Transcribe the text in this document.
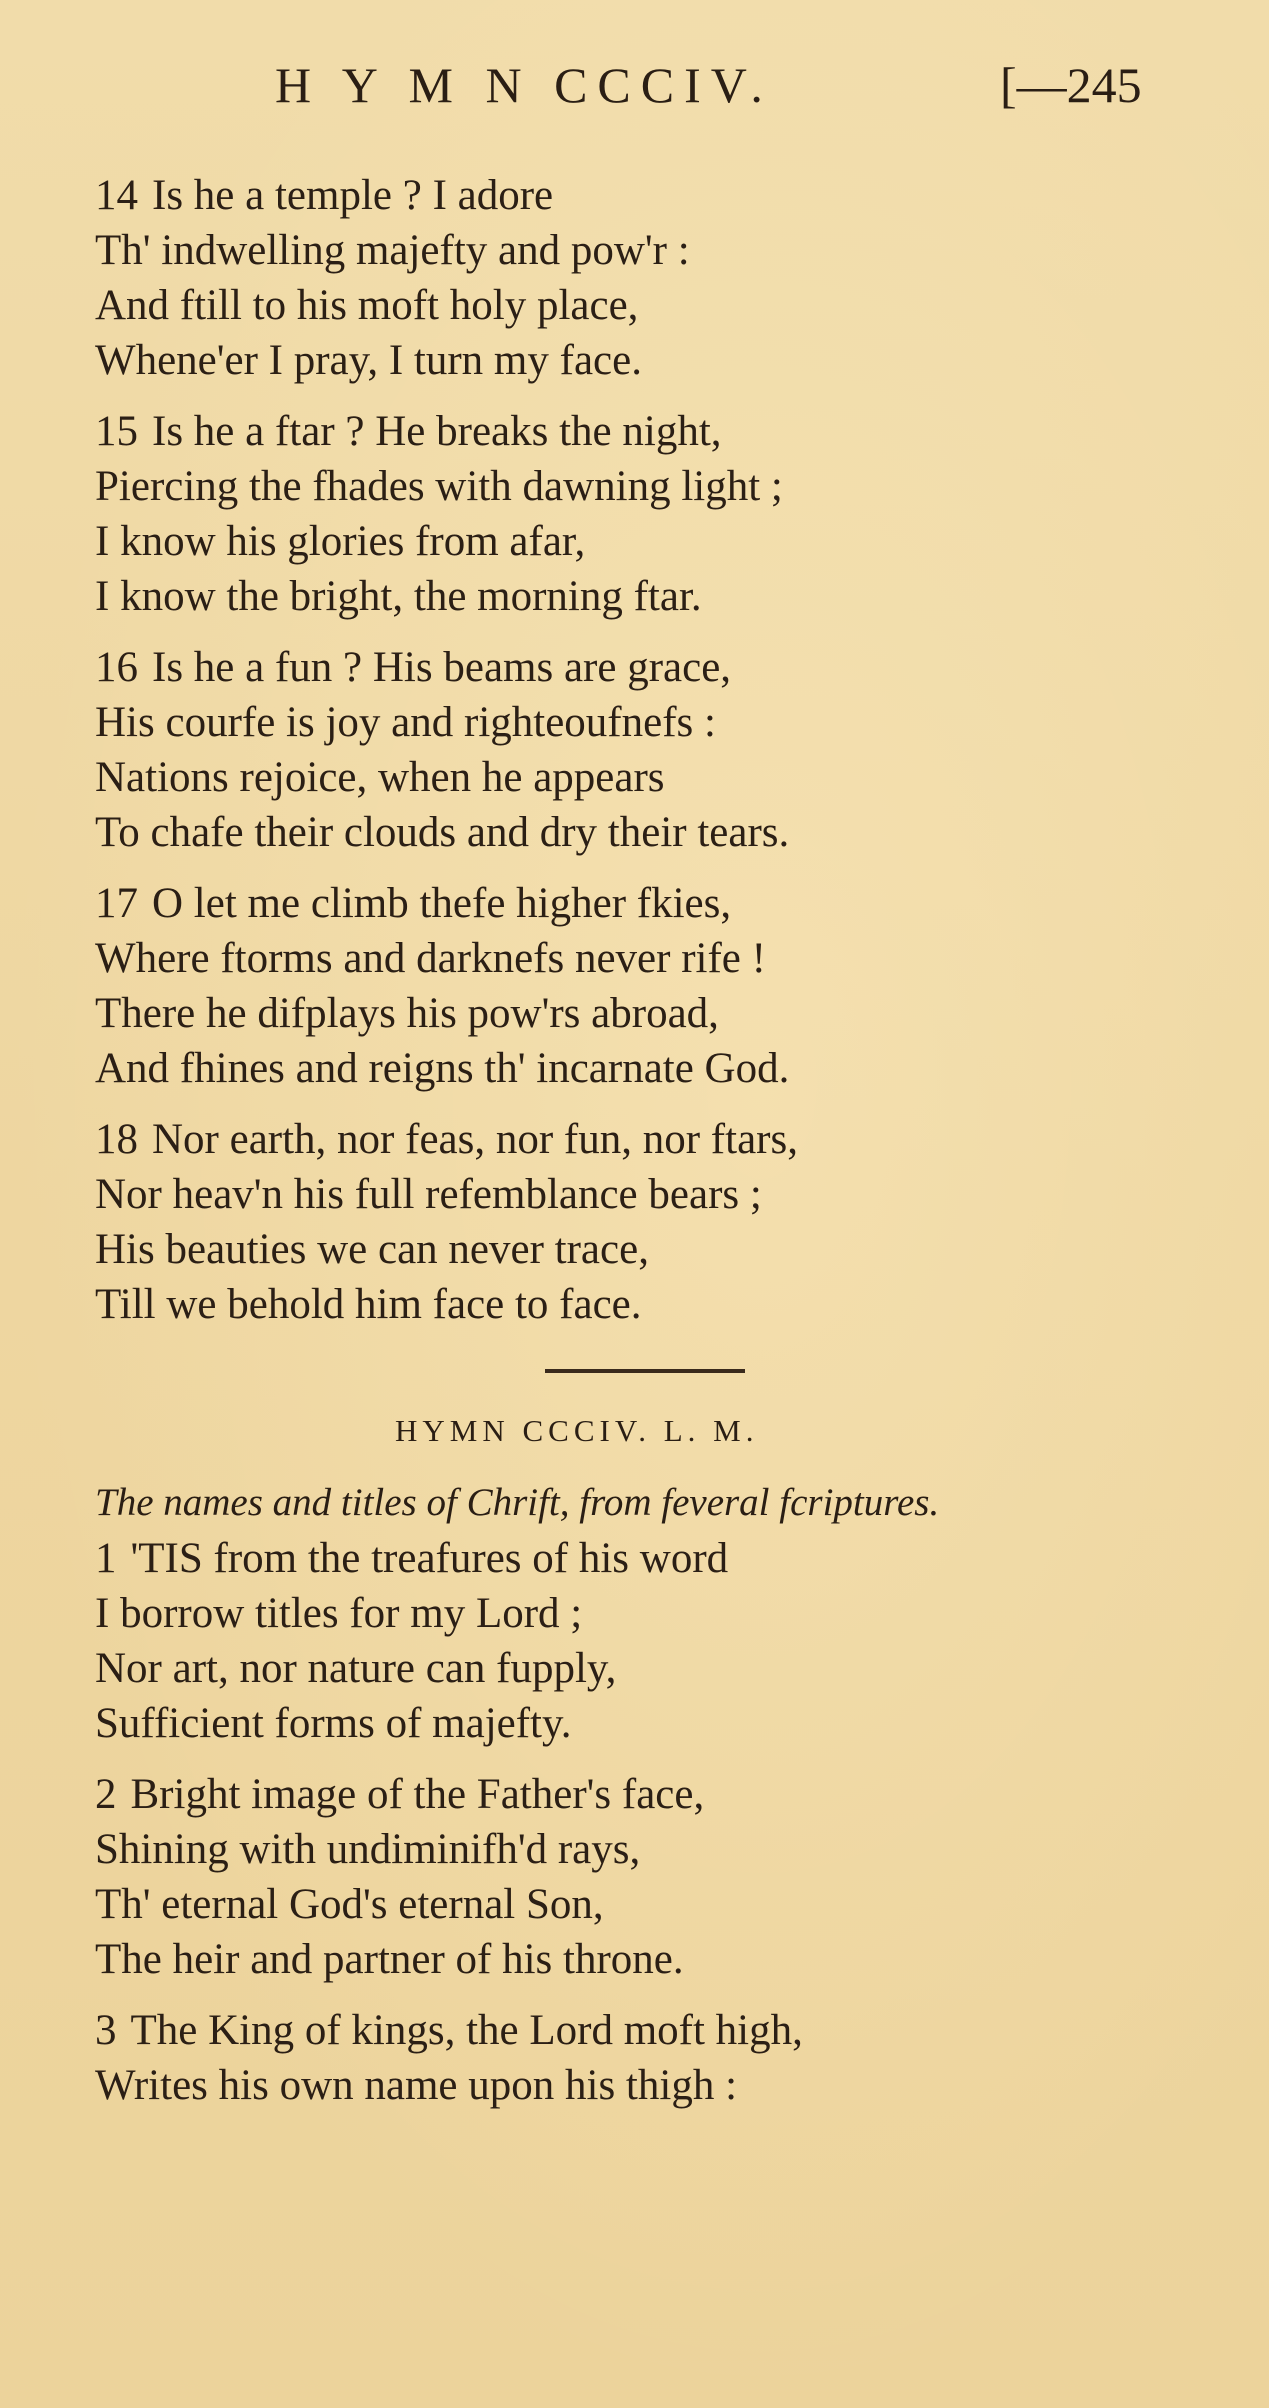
H Y M N CCCIV.	[—245
14 Is he a temple ? I adore
Th' indwelling majefty and pow'r :
And ftill to his moft holy place,
Whene'er I pray, I turn my face.
15 Is he a ftar ? He breaks the night,
Piercing the fhades with dawning light ;
I know his glories from afar,
I know the bright, the morning ftar.
16 Is he a fun ? His beams are grace,
His courfe is joy and righteoufnefs :
Nations rejoice, when he appears
To chafe their clouds and dry their tears.
17 O let me climb thefe higher fkies,
Where ftorms and darknefs never rife !
There he difplays his pow'rs abroad,
And fhines and reigns th' incarnate God.
18 Nor earth, nor feas, nor fun, nor ftars,
Nor heav'n his full refemblance bears ;
His beauties we can never trace,
Till we behold him face to face.
HYMN CCCIV. L. M.
The names and titles of Chrift, from feveral fcriptures.
1 'TIS from the treafures of his word
I borrow titles for my Lord ;
Nor art, nor nature can fupply,
Sufficient forms of majefty.
2 Bright image of the Father's face,
Shining with undiminifh'd rays,
Th' eternal God's eternal Son,
The heir and partner of his throne.
3 The King of kings, the Lord moft high,
Writes his own name upon his thigh :
